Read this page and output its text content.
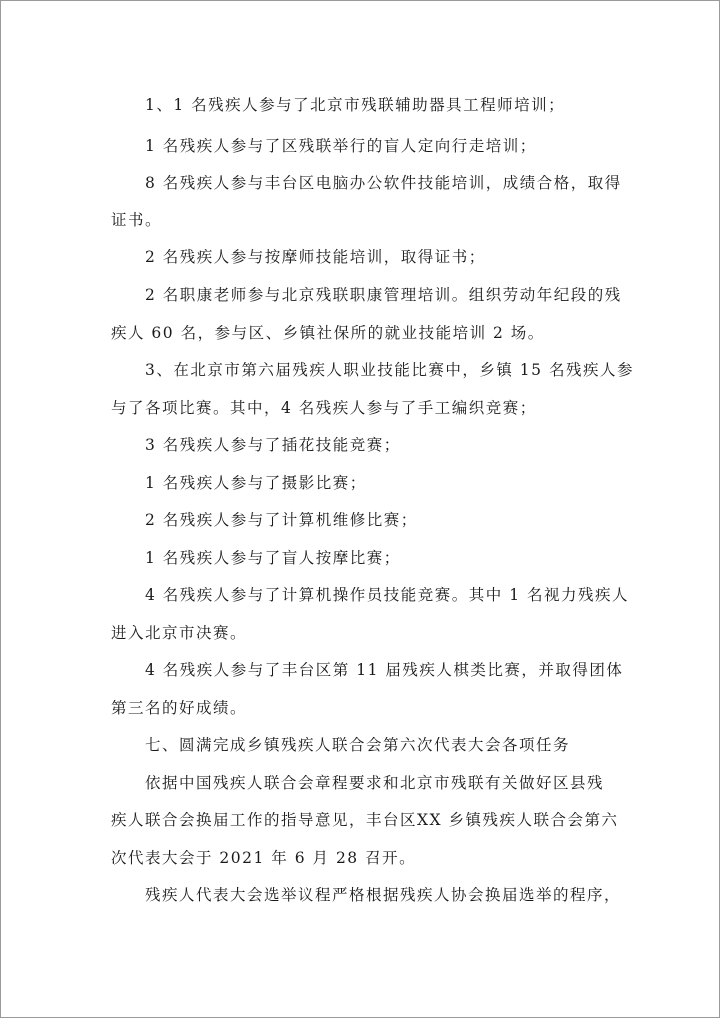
1、1 名残疾人参与了北京市残联辅助器具工程师培训；
1 名残疾人参与了区残联举行的盲人定向行走培训；
8 名残疾人参与丰台区电脑办公软件技能培训，成绩合格，取得
证书。
2 名残疾人参与按摩师技能培训，取得证书；
2 名职康老师参与北京残联职康管理培训。组织劳动年纪段的残
疾人 60 名，参与区、乡镇社保所的就业技能培训 2 场。
3、在北京市第六届残疾人职业技能比赛中，乡镇 15 名残疾人参
与了各项比赛。其中，4 名残疾人参与了手工编织竞赛；
3 名残疾人参与了插花技能竞赛；
1 名残疾人参与了摄影比赛；
2 名残疾人参与了计算机维修比赛；
1 名残疾人参与了盲人按摩比赛；
4 名残疾人参与了计算机操作员技能竞赛。其中 1 名视力残疾人
进入北京市决赛。
4 名残疾人参与了丰台区第 11 届残疾人棋类比赛，并取得团体
第三名的好成绩。
七、圆满完成乡镇残疾人联合会第六次代表大会各项任务
依据中国残疾人联合会章程要求和北京市残联有关做好区县残
疾人联合会换届工作的指导意见，丰台区XX 乡镇残疾人联合会第六
次代表大会于 2021 年 6 月 28 召开。
残疾人代表大会选举议程严格根据残疾人协会换届选举的程序，
